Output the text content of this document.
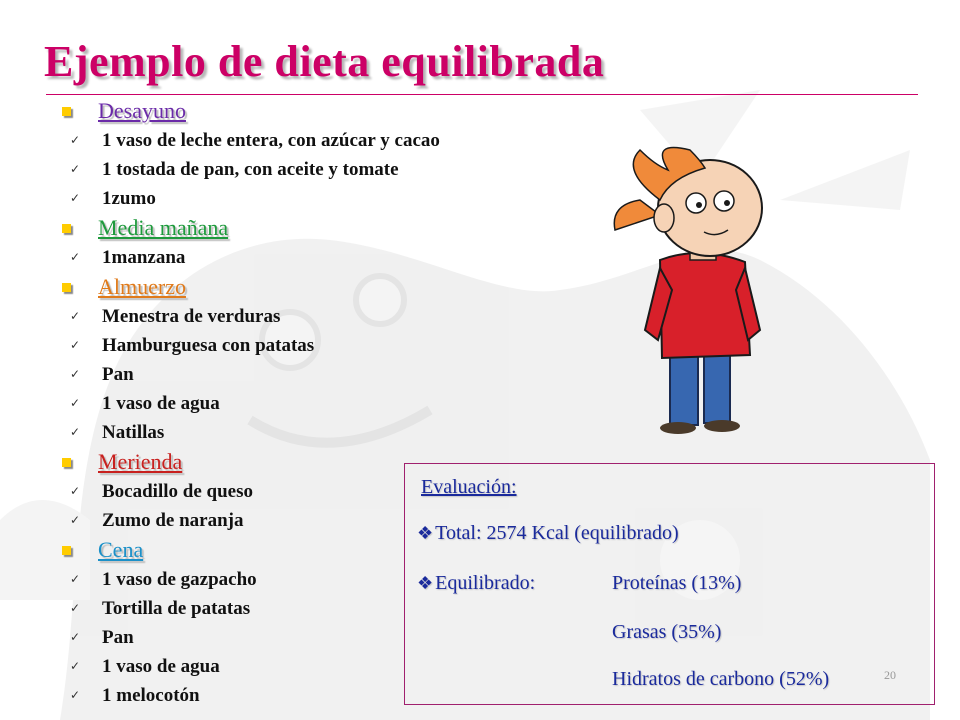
Ejemplo de dieta equilibrada
Desayuno
✓ 1 vaso de leche entera, con azúcar y cacao
✓ 1 tostada de pan, con aceite y tomate
✓ 1zumo
Media mañana
✓ 1manzana
Almuerzo
✓ Menestra de verduras
✓ Hamburguesa con patatas
✓ Pan
✓ 1 vaso de agua
✓ Natillas
Merienda
✓ Bocadillo de queso
✓ Zumo de naranja
Cena
✓ 1 vaso de gazpacho
✓ Tortilla de patatas
✓ Pan
✓ 1 vaso de agua
✓ 1 melocotón
Evaluación:
❖ Total: 2574 Kcal (equilibrado)
❖ Equilibrado:	Proteínas (13%)
Grasas (35%)
Hidratos de carbono (52%)	20
